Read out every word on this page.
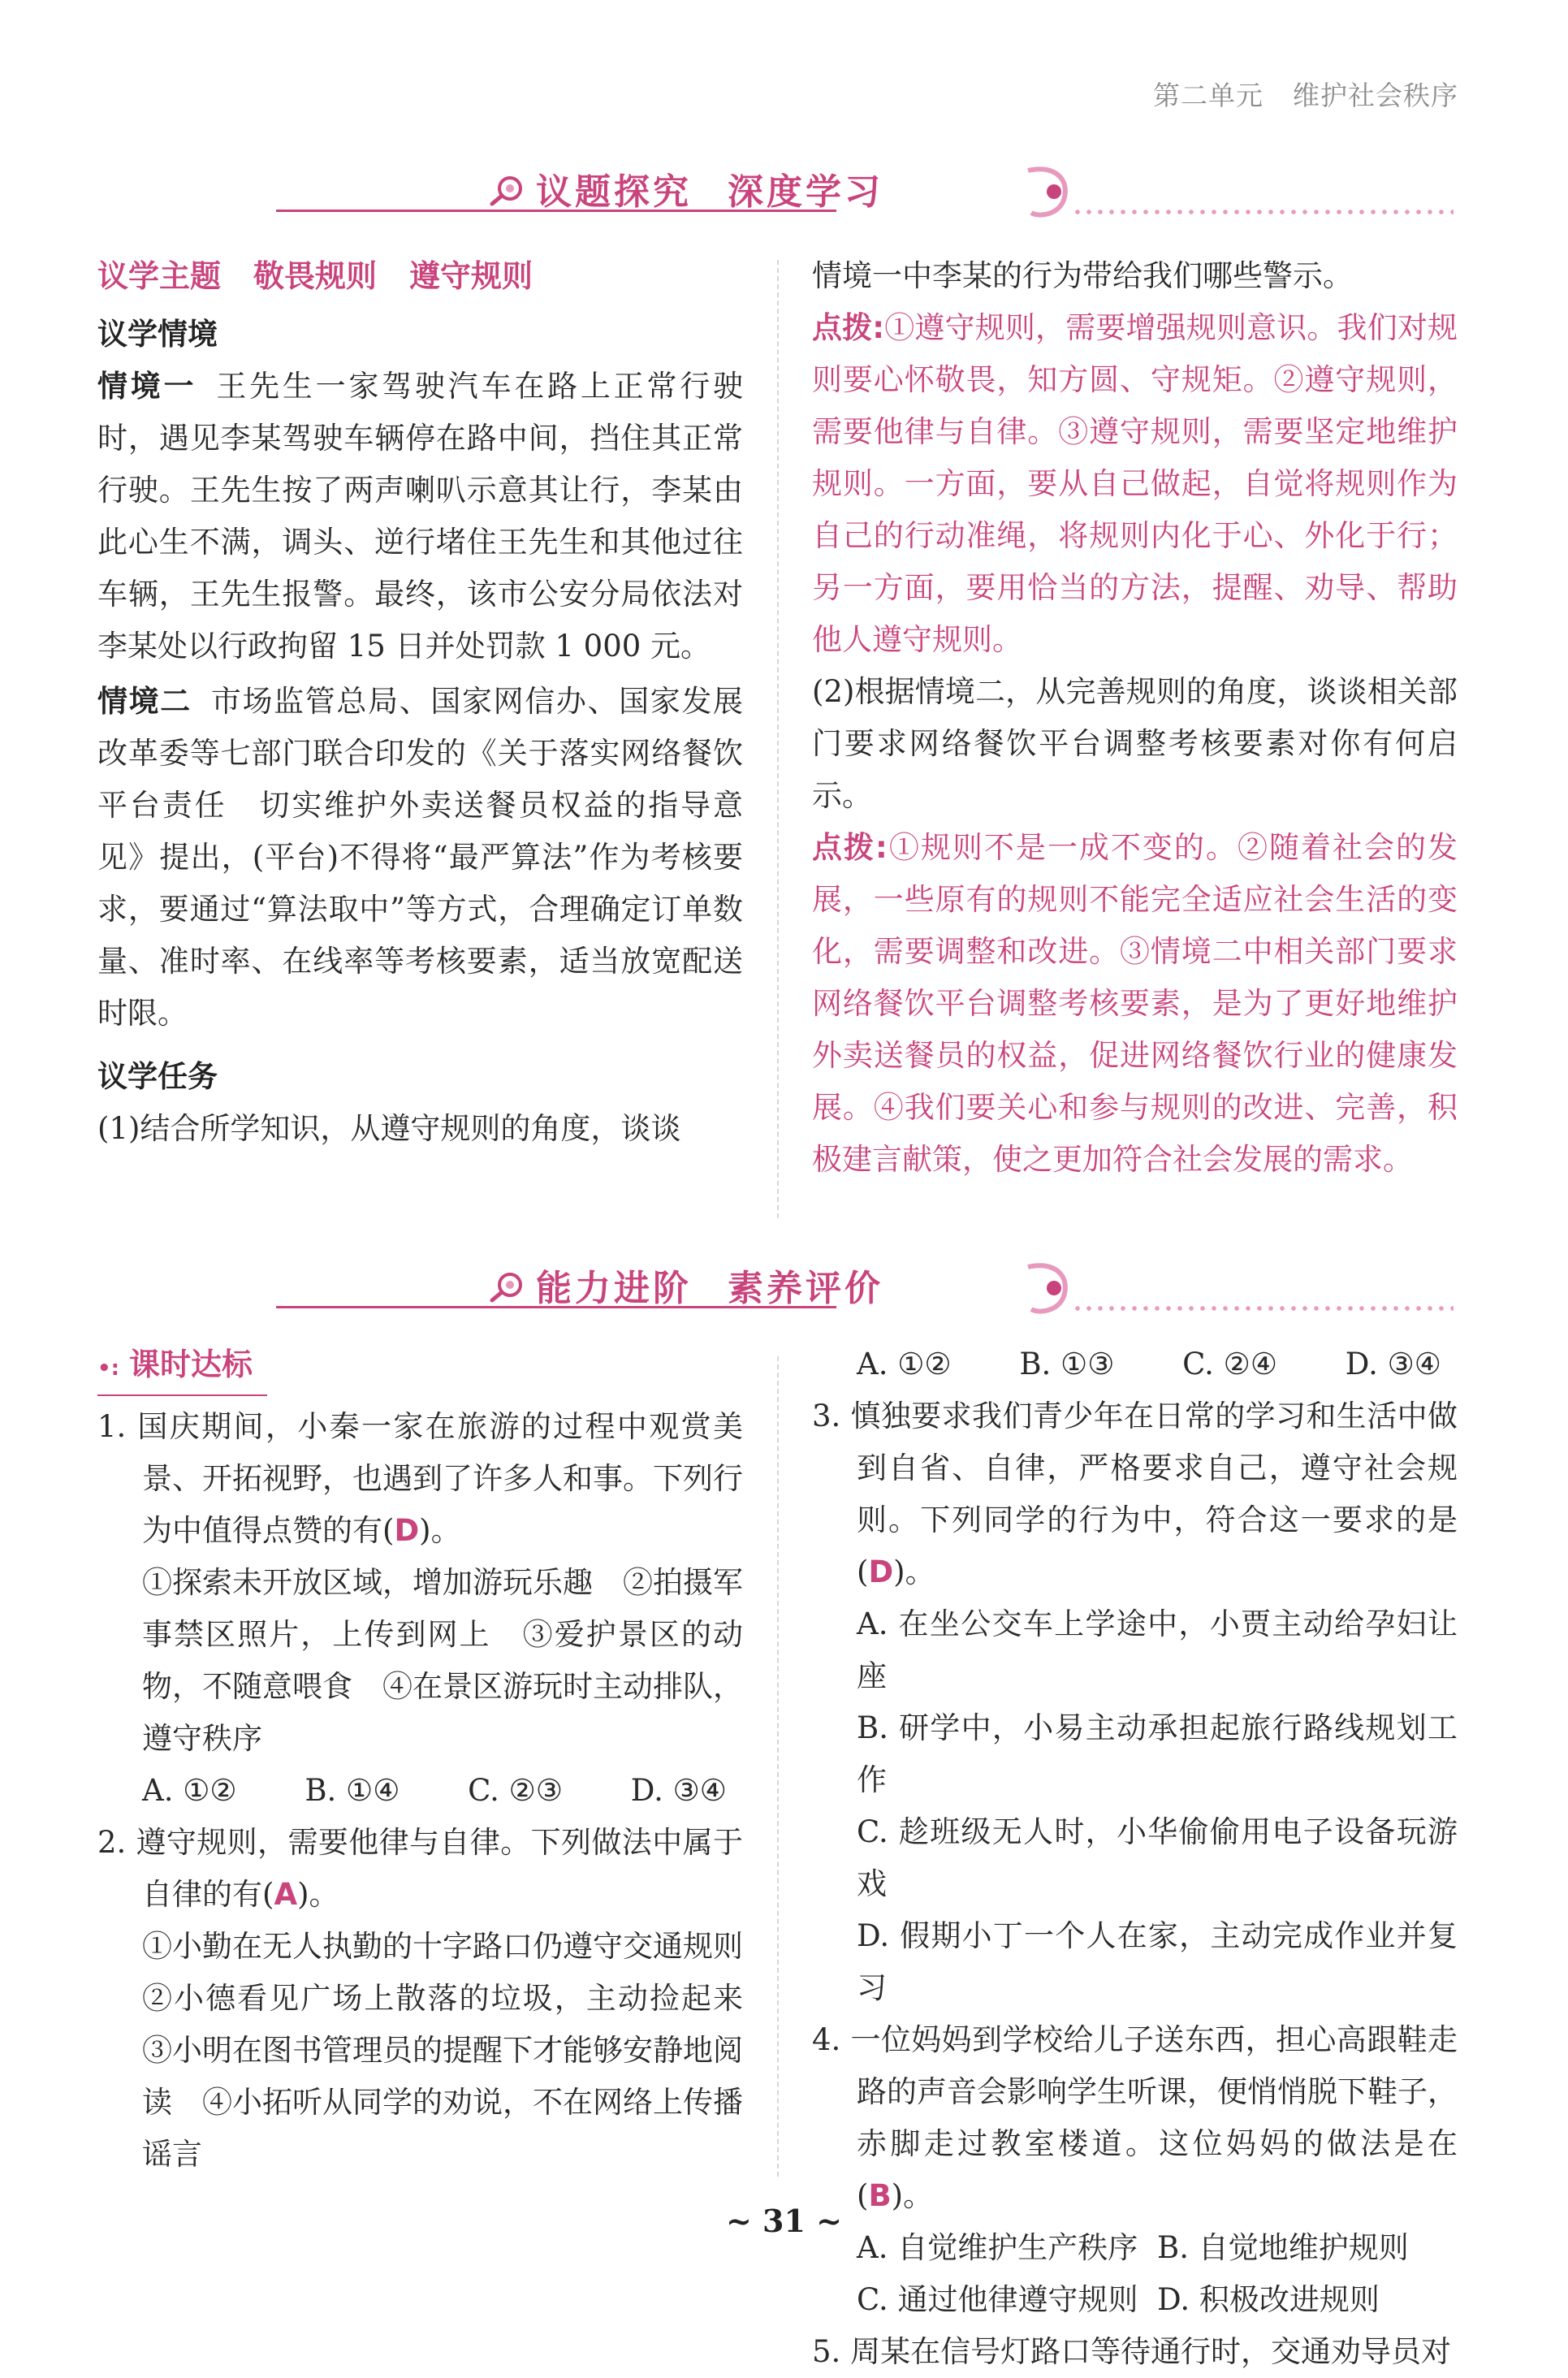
第二单元 维护社会秩序
议题探究 深度学习

议学主题 敬畏规则 遵守规则

议学情境

情境一 王先生一家驾驶汽车在路上正常行驶时，遇见李某驾驶车辆停在路中间，挡住其正常行驶。王先生按了两声喇叭示意其让行，李某由此心生不满，调头、逆行堵住王先生和其他过往车辆，王先生报警。最终，该市公安分局依法对李某处以行政拘留 15 日并处罚款 1 000 元。

情境二 市场监管总局、国家网信办、国家发展改革委等七部门联合印发的《关于落实网络餐饮平台责任　切实维护外卖送餐员权益的指导意见》提出，(平台)不得将“最严算法”作为考核要求，要通过“算法取中”等方式，合理确定订单数量、准时率、在线率等考核要素，适当放宽配送时限。

议学任务

(1)结合所学知识，从遵守规则的角度，谈谈

情境一中李某的行为带给我们哪些警示。

点拨:①遵守规则，需要增强规则意识。我们对规则要心怀敬畏，知方圆、守规矩。②遵守规则，需要他律与自律。③遵守规则，需要坚定地维护规则。一方面，要从自己做起，自觉将规则作为自己的行动准绳，将规则内化于心、外化于行；另一方面，要用恰当的方法，提醒、劝导、帮助他人遵守规则。

(2)根据情境二，从完善规则的角度，谈谈相关部门要求网络餐饮平台调整考核要素对你有何启示。

点拨:①规则不是一成不变的。②随着社会的发展，一些原有的规则不能完全适应社会生活的变化，需要调整和改进。③情境二中相关部门要求网络餐饮平台调整考核要素，是为了更好地维护外卖送餐员的权益，促进网络餐饮行业的健康发展。④我们要关心和参与规则的改进、完善，积极建言献策，使之更加符合社会发展的需求。

能力进阶 素养评价

•: 课时达标

1. 国庆期间，小秦一家在旅游的过程中观赏美景、开拓视野，也遇到了许多人和事。下列行为中值得点赞的有(D)。

①探索未开放区域，增加游玩乐趣　②拍摄军事禁区照片，上传到网上　③爱护景区的动物，不随意喂食　④在景区游玩时主动排队，遵守秩序

A. ①② B. ①④ C. ②③ D. ③④

2. 遵守规则，需要他律与自律。下列做法中属于自律的有(A)。

①小勤在无人执勤的十字路口仍遵守交通规则　②小德看见广场上散落的垃圾，主动捡起来　③小明在图书管理员的提醒下才能够安静地阅读　④小拓听从同学的劝说，不在网络上传播谣言

A. ①② B. ①③ C. ②④ D. ③④

3. 慎独要求我们青少年在日常的学习和生活中做到自省、自律，严格要求自己，遵守社会规则。下列同学的行为中，符合这一要求的是(D)。

A. 在坐公交车上学途中，小贾主动给孕妇让座

B. 研学中，小易主动承担起旅行路线规划工作

C. 趁班级无人时，小华偷偷用电子设备玩游戏

D. 假期小丁一个人在家，主动完成作业并复习

4. 一位妈妈到学校给儿子送东西，担心高跟鞋走路的声音会影响学生听课，便悄悄脱下鞋子，赤脚走过教室楼道。这位妈妈的做法是在(B)。

A. 自觉维护生产秩序 B. 自觉地维护规则
C. 通过他律遵守规则 D. 积极改进规则

5. 周某在信号灯路口等待通行时，交通劝导员对

~ 31 ~
